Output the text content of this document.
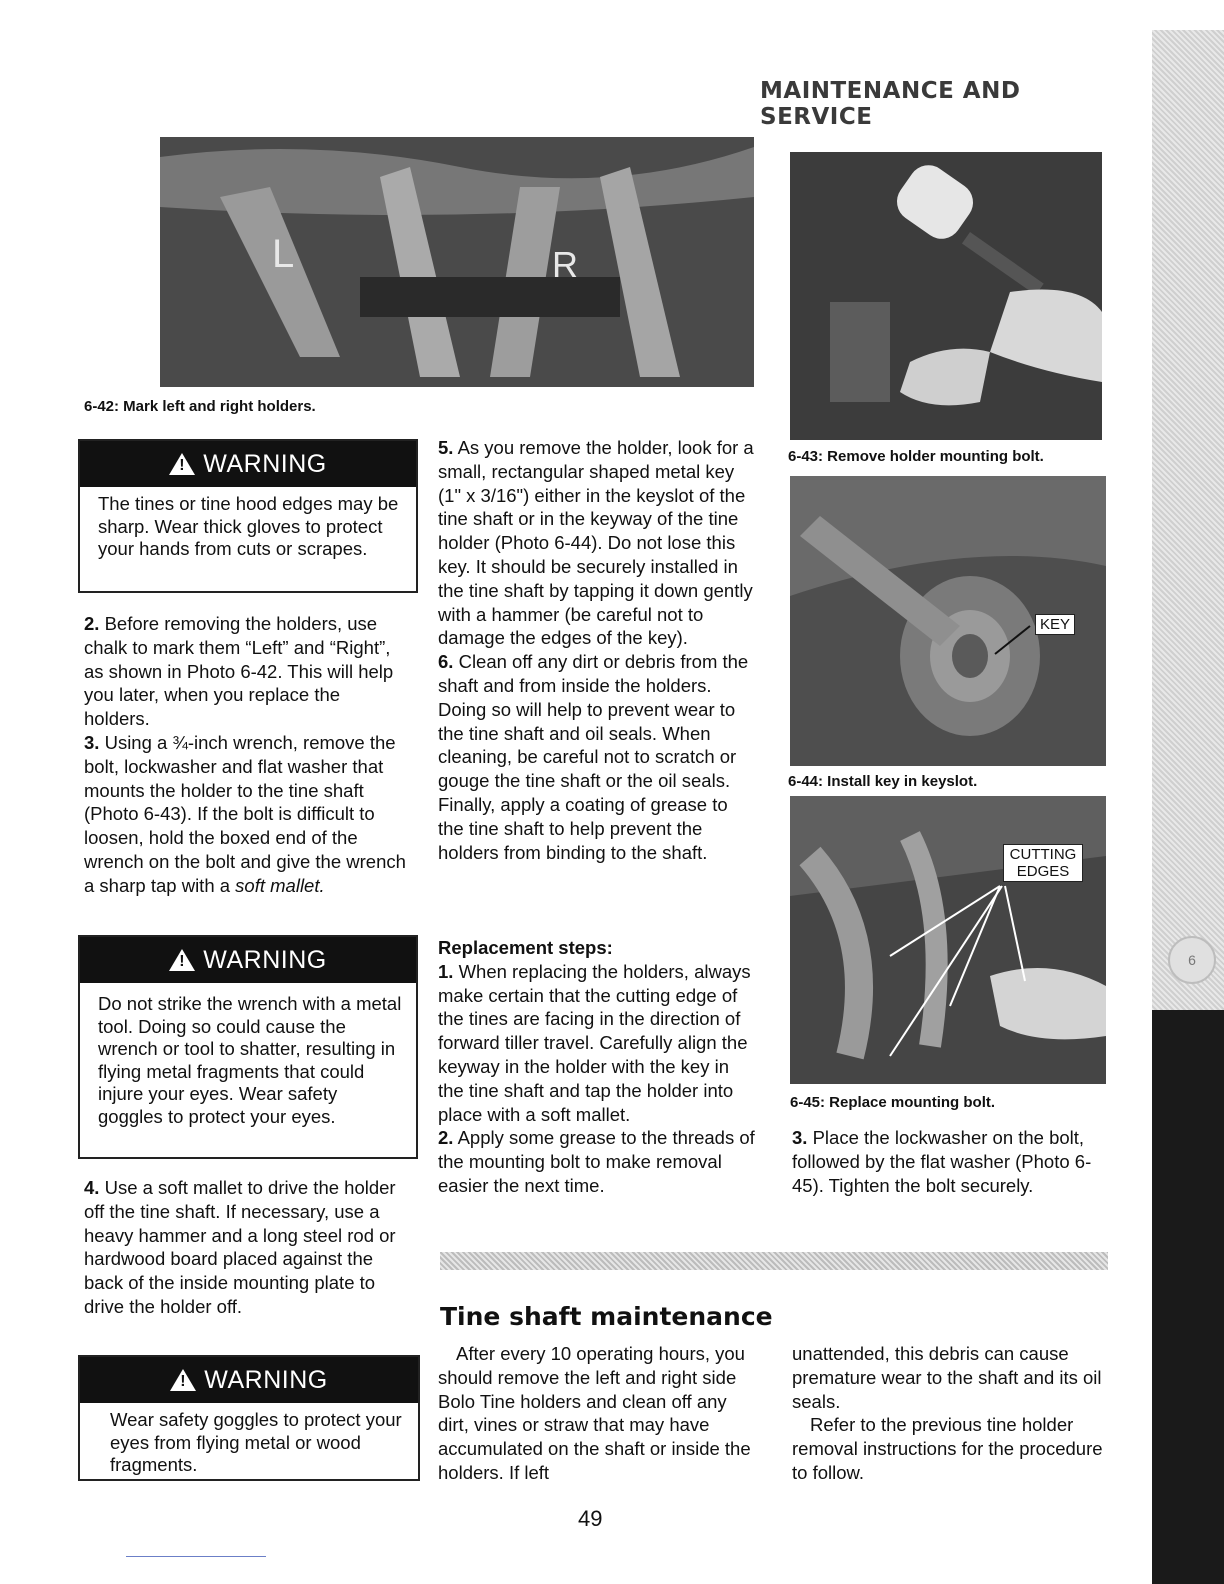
6
MAINTENANCE AND SERVICE
L	R
6-42: Mark left and right holders.
6-43: Remove holder mounting bolt.
KEY
6-44: Install key in keyslot.
CUTTING
EDGES
6-45: Replace mounting bolt.
! WARNING
The tines or tine hood edges may be sharp. Wear thick gloves to protect your hands from cuts or scrapes.

2. Before removing the holders, use chalk to mark them “Left” and “Right”, as shown in Photo 6-42. This will help you later, when you replace the holders.

3. Using a ¾-inch wrench, remove the bolt, lockwasher and flat washer that mounts the holder to the tine shaft (Photo 6-43). If the bolt is difficult to loosen, hold the boxed end of the wrench on the bolt and give the wrench a sharp tap with a soft mallet.

! WARNING
Do not strike the wrench with a metal tool. Doing so could cause the wrench or tool to shatter, resulting in flying metal fragments that could injure your eyes. Wear safety goggles to protect your eyes.

4. Use a soft mallet to drive the holder off the tine shaft. If necessary, use a heavy hammer and a long steel rod or hardwood board placed against the back of the inside mounting plate to drive the holder off.

! WARNING
Wear safety goggles to protect your eyes from flying metal or wood fragments.

5. As you remove the holder, look for a small, rectangular shaped metal key (1" x 3/16") either in the keyslot of the tine shaft or in the keyway of the tine holder (Photo 6-44). Do not lose this key. It should be securely installed in the tine shaft by tapping it down gently with a hammer (be careful not to damage the edges of the key).

6. Clean off any dirt or debris from the shaft and from inside the holders. Doing so will help to prevent wear to the tine shaft and oil seals. When cleaning, be careful not to scratch or gouge the tine shaft or the oil seals. Finally, apply a coating of grease to the tine shaft to help prevent the holders from binding to the shaft.

Replacement steps:

1. When replacing the holders, always make certain that the cutting edge of the tines are facing in the direction of forward tiller travel. Carefully align the keyway in the holder with the key in the tine shaft and tap the holder into place with a soft mallet.

2. Apply some grease to the threads of the mounting bolt to make removal easier the next time.

3. Place the lockwasher on the bolt, followed by the flat washer (Photo 6-45). Tighten the bolt securely.

Tine shaft maintenance

After every 10 operating hours, you should remove the left and right side Bolo Tine holders and clean off any dirt, vines or straw that may have accumulated on the shaft or inside the holders. If left

unattended, this debris can cause premature wear to the shaft and its oil seals.

Refer to the previous tine holder removal instructions for the procedure to follow.

49
